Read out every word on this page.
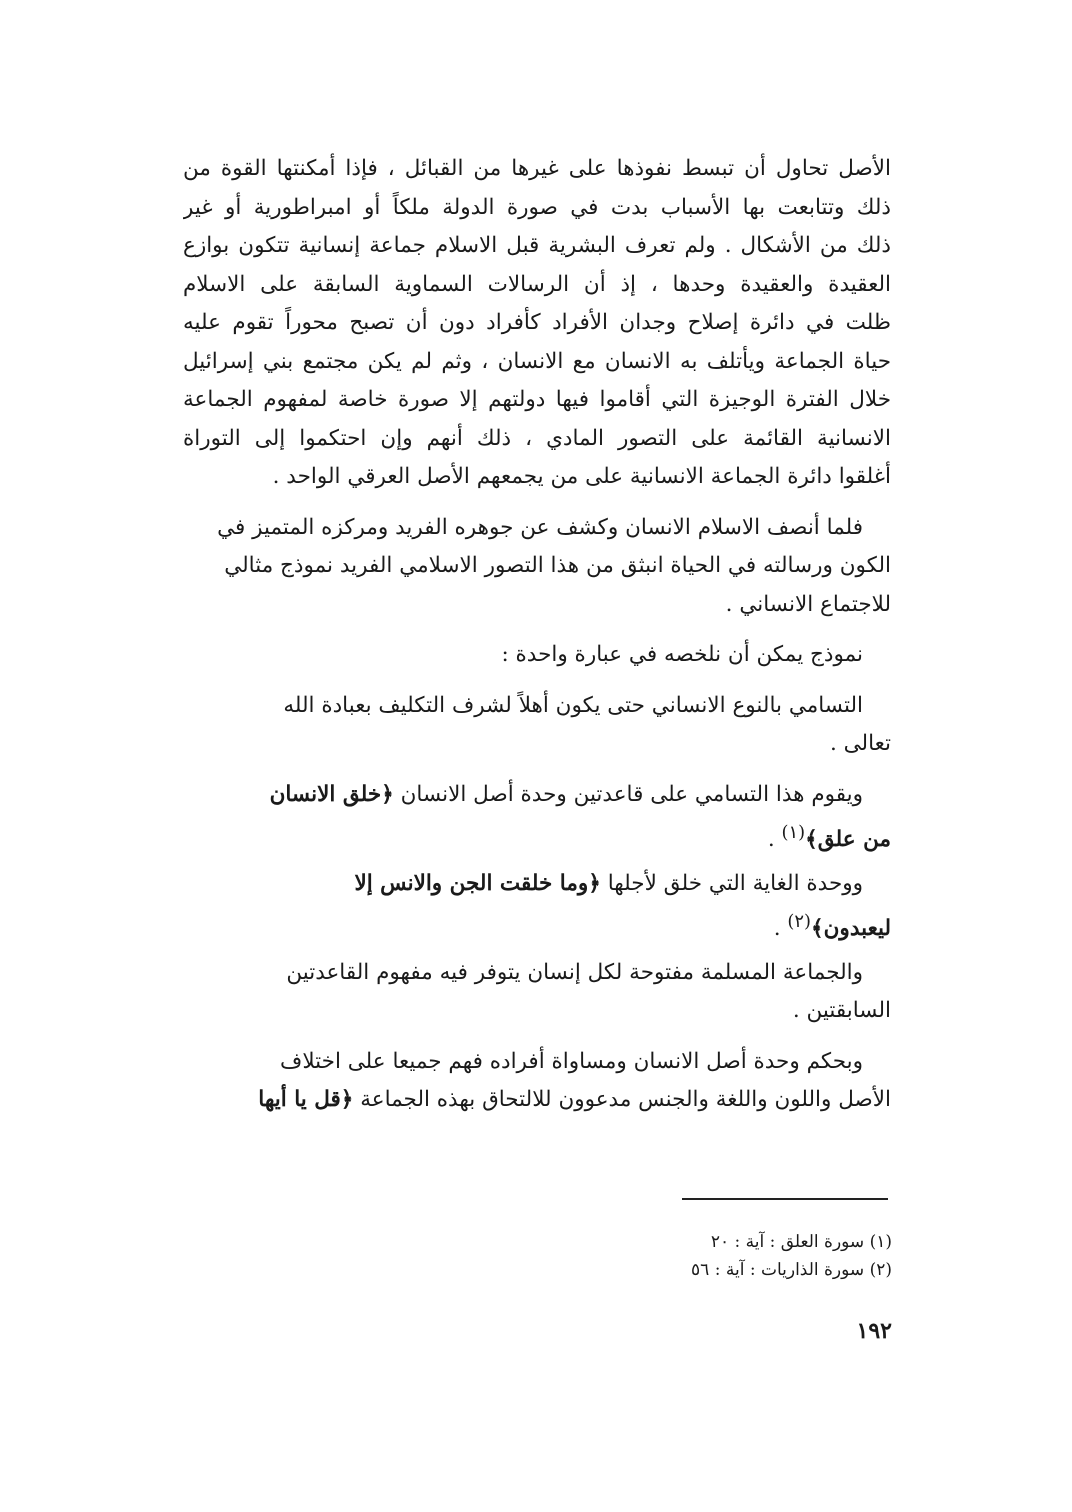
الأصل تحاول أن تبسط نفوذها على غيرها من القبائل ، فإذا أمكنتها القوة من
ذلك وتتابعت بها الأسباب بدت في صورة الدولة ملكاً أو امبراطورية أو غير
ذلك من الأشكال . ولم تعرف البشرية قبل الاسلام جماعة إنسانية تتكون بوازع
العقيدة والعقيدة وحدها ، إذ أن الرسالات السماوية السابقة على الاسلام
ظلت في دائرة إصلاح وجدان الأفراد كأفراد دون أن تصبح محوراً تقوم عليه
حياة الجماعة ويأتلف به الانسان مع الانسان ، وثم لم يكن مجتمع بني إسرائيل
خلال الفترة الوجيزة التي أقاموا فيها دولتهم إلا صورة خاصة لمفهوم الجماعة
الانسانية القائمة على التصور المادي ، ذلك أنهم وإن احتكموا إلى التوراة
أغلقوا دائرة الجماعة الانسانية على من يجمعهم الأصل العرقي الواحد .
فلما أنصف الاسلام الانسان وكشف عن جوهره الفريد ومركزه المتميز في
الكون ورسالته في الحياة انبثق من هذا التصور الاسلامي الفريد نموذج مثالي
للاجتماع الانساني .
نموذج يمكن أن نلخصه في عبارة واحدة :
التسامي بالنوع الانساني حتى يكون أهلاً لشرف التكليف بعبادة الله
تعالى .
ويقوم هذا التسامي على قاعدتين وحدة أصل الانسان ﴿خلق الانسان
من علق﴾$^{(١)}$ .
ووحدة الغاية التي خلق لأجلها ﴿وما خلقت الجن والانس إلا
ليعبدون﴾$^{(٢)}$ .
والجماعة المسلمة مفتوحة لكل إنسان يتوفر فيه مفهوم القاعدتين
السابقتين .
وبحكم وحدة أصل الانسان ومساواة أفراده فهم جميعا على اختلاف
الأصل واللون واللغة والجنس مدعوون للالتحاق بهذه الجماعة ﴿قل يا أيها
(١) سورة العلق : آية : ٢٠
(٢) سورة الذاريات : آية : ٥٦
١٩٢
